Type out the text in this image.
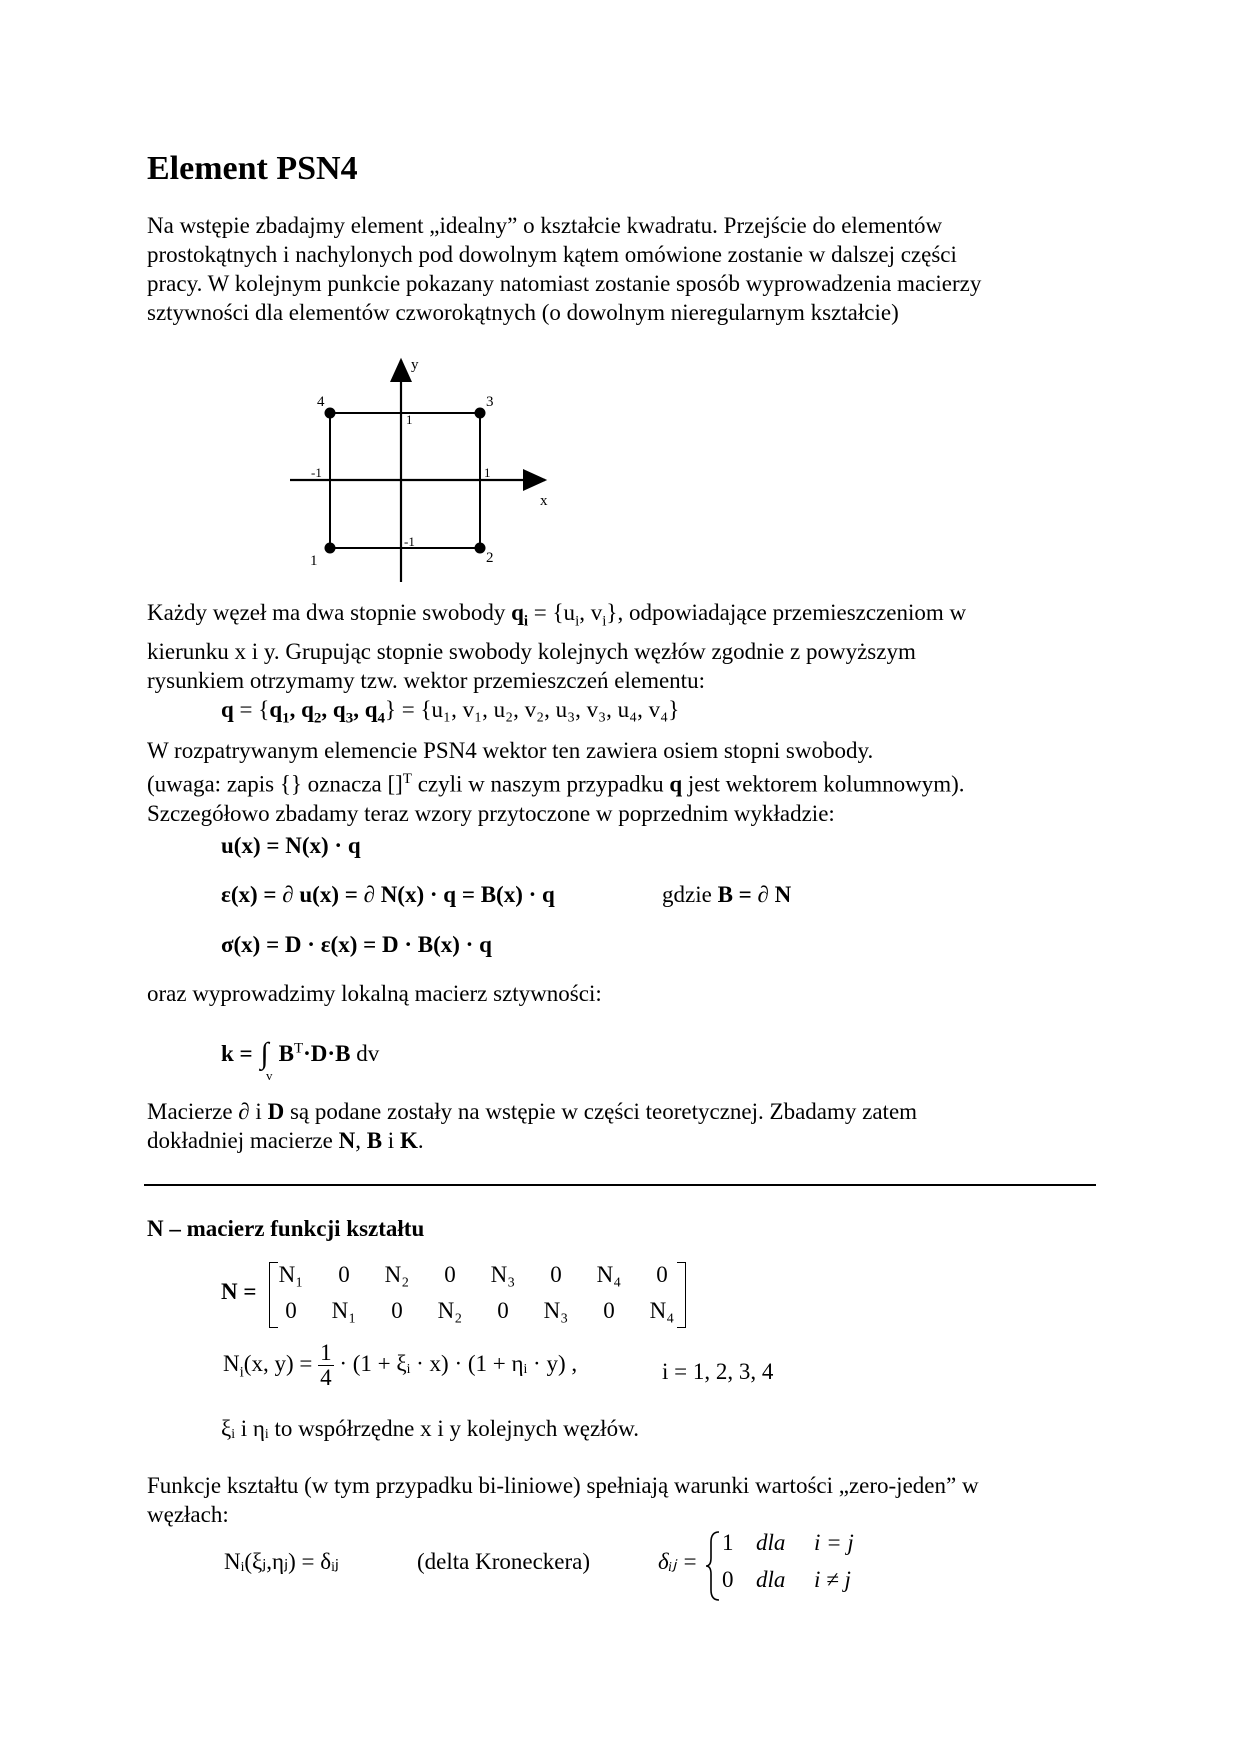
Element PSN4
Na wstępie zbadajmy element „idealny” o kształcie kwadratu. Przejście do elementów
prostokątnych i nachylonych pod dowolnym kątem omówione zostanie w dalszej części
pracy. W kolejnym punkcie pokazany natomiast zostanie sposób wyprowadzenia macierzy
sztywności dla elementów czworokątnych (o dowolnym nieregularnym kształcie)
y
x
4	3
1	2
1
-1
-1	1
Każdy węzeł ma dwa stopnie swobody $q_i = \{u_i$, $v_i$}, odpowiadające przemieszczeniom w
kierunku x i y. Grupując stopnie swobody kolejnych węzłów zgodnie z powyższym
rysunkiem otrzymamy tzw. wektor przemieszczeń elementu:
$q = \{q_1$, $q_2$, $q_3$, $q_4\} = \{u_1$, v₁, u₂, v₂, u₃, v₃, u₄, v₄}
W rozpatrywanym elemencie PSN4 wektor ten zawiera osiem stopni swobody.
(uwaga: zapis {} oznacza []$^T$ czyli w naszym przypadku q jest wektorem kolumnowym).
Szczegółowo zbadamy teraz wzory przytoczone w poprzednim wykładzie:
u(x) = N(x) · q
ε(x) = ∂ u(x) = ∂ N(x) · q = B(x) · q	gdzie B = ∂ N
σ(x) = D · ε(x) = D · B(x) · q
oraz wyprowadzimy lokalną macierz sztywności:
k = ∫ $B^T\cdot D\cdot B$ dv
v
Macierze ∂ i D są podane zostały na wstępie w części teoretycznej. Zbadamy zatem
dokładniej macierze N, B i K.
N – macierz funkcji kształtu
N =
N₁	0	N₂	0	N₃	0	N₄	0
0	N₁	0	N₂	0	N₃	0	N₄
$N_i(x$, $y) = \frac{1}{4} \cdot (1$ + ξᵢ · x) · (1 + ηᵢ · y) ,	i = 1, 2, 3, 4
ξᵢ i ηᵢ to współrzędne x i y kolejnych węzłów.
Funkcje kształtu (w tym przypadku bi-liniowe) spełniają warunki wartości „zero-jeden” w
węzłach:
Nᵢ(ξⱼ,ηⱼ) = δᵢⱼ	(delta Kroneckera)	δᵢⱼ =
1 dla i = j
0 dla i ≠ j
